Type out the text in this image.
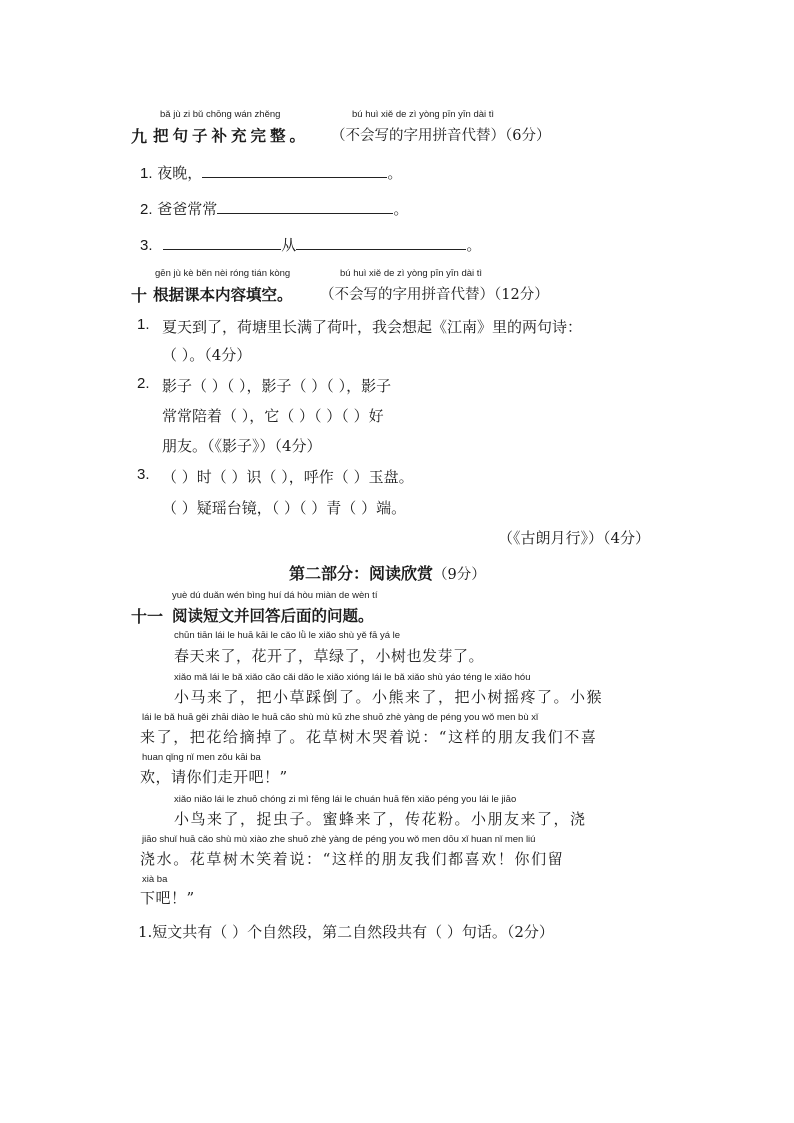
bǎ jù zi bǔ chōng wán zhěng	bú huì xiě de zì yòng pīn yīn dài tì
九 把句子补充完整。 （不会写的字用拼音代替）（6分）
1. 夜晚，	。
2. 爸爸常常	。
3.	从	。
gēn jù kè běn nèi róng tián kòng	bú huì xiě de zì yòng pīn yīn dài tì
十 根据课本内容填空。 （不会写的字用拼音代替）（12分）
1. 夏天到了，荷塘里长满了荷叶，我会想起《江南》里的两句诗：
（ ）。（4分）
2. 影子（ ）（ ），影子（ ）（ ），影子
常常陪着（ ），它（ ）（ ）（ ）好
朋友。（《影子》）（4分）
3. （ ）时（ ）识（ ），呼作（ ）玉盘。
（ ）疑瑶台镜，（ ）（ ）青（ ）端。
（《古朗月行》）（4分）
第二部分：阅读欣赏（9分）
yuè dú duǎn wén bìng huí dá hòu miàn de wèn tí
十一 阅读短文并回答后面的问题。
chūn tiān lái le huā kāi le cǎo lǜ le xiǎo shù yě fā yá le
春天来了，花开了，草绿了，小树也发芽了。
xiǎo mǎ lái le bǎ xiǎo cǎo cǎi dǎo le xiǎo xióng lái le bǎ xiǎo shù yáo téng le xiǎo hóu
小马来了，把小草踩倒了。小熊来了，把小树摇疼了。小猴
lái le bǎ huā gěi zhāi diào le huā cǎo shù mù kū zhe shuō zhè yàng de péng you wǒ men bù xǐ
来了，把花给摘掉了。花草树木哭着说：“这样的朋友我们不喜
huan qǐng nǐ men zǒu kāi ba
欢，请你们走开吧！”
xiǎo niǎo lái le zhuō chóng zi mì fēng lái le chuán huā fěn xiǎo péng you lái le jiāo
小鸟来了，捉虫子。蜜蜂来了，传花粉。小朋友来了，浇
jiāo shuǐ huā cǎo shù mù xiào zhe shuō zhè yàng de péng you wǒ men dōu xǐ huan nǐ men liú
浇水。花草树木笑着说：“这样的朋友我们都喜欢！你们留
xià ba
下吧！”
1.短文共有（ ）个自然段，第二自然段共有（ ）句话。（2分）
